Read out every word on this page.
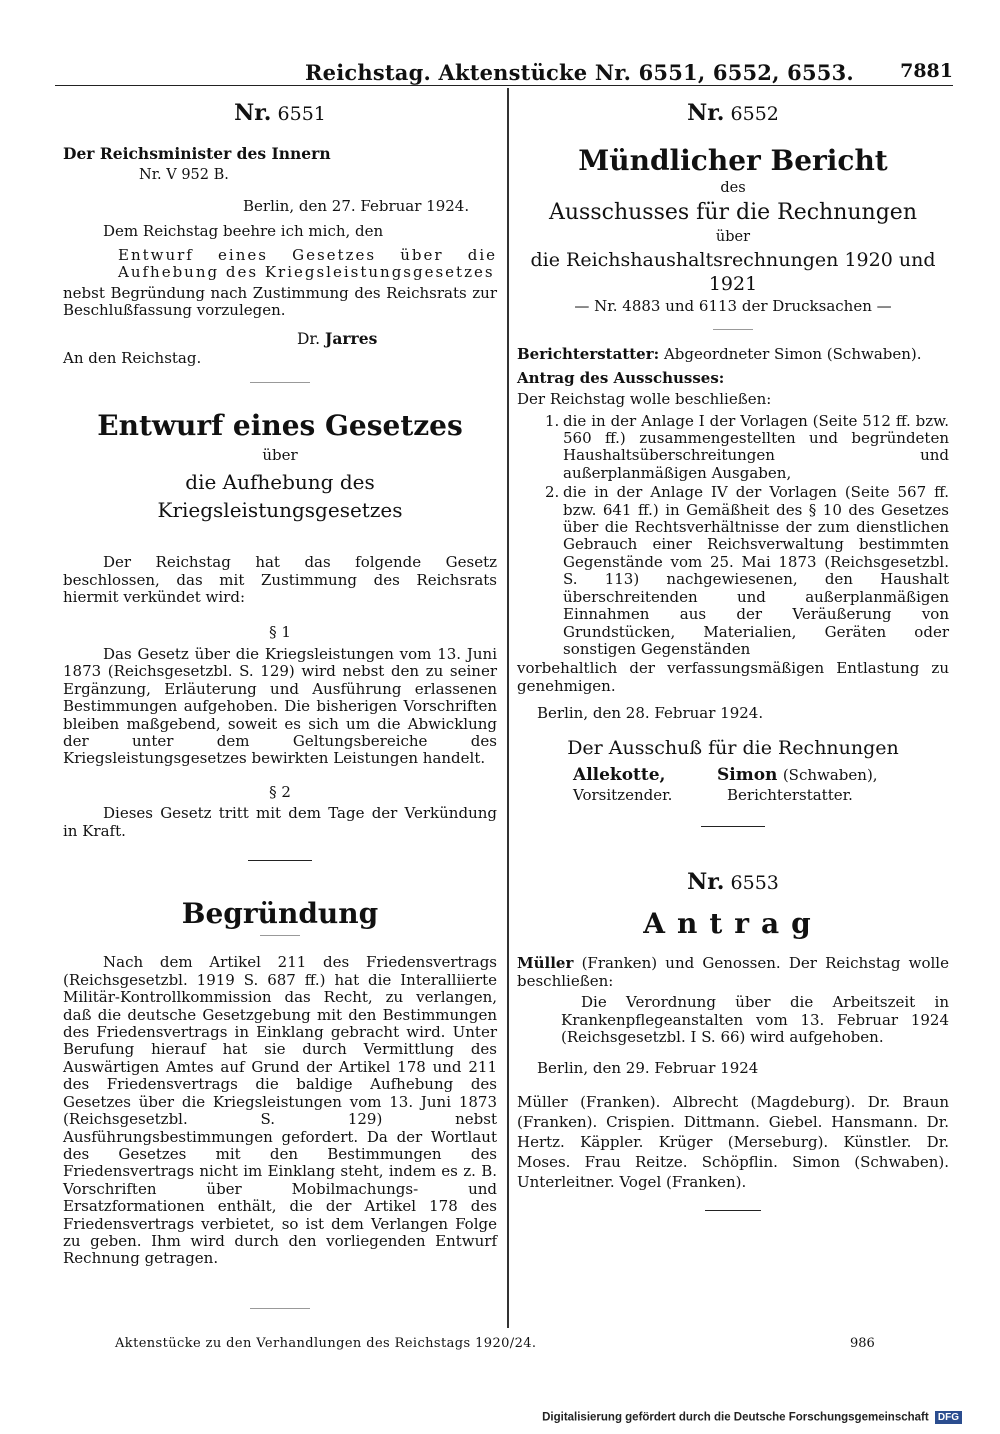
Reichstag. Aktenstücke Nr. 6551, 6552, 6553. 7881
Nr. 6551
Der Reichsminister des Innern
Nr. V 952 B.
Berlin, den 27. Februar 1924.
Dem Reichstag beehre ich mich, den
Entwurf eines Gesetzes über die Aufhebung des Kriegsleistungsgesetzes
nebst Begründung nach Zustimmung des Reichsrats zur Beschlußfassung vorzulegen.
Dr. Jarres
An den Reichstag.
Entwurf eines Gesetzes
über
die Aufhebung des Kriegsleistungsgesetzes
Der Reichstag hat das folgende Gesetz beschlossen, das mit Zustimmung des Reichsrats hiermit verkündet wird:
§ 1
Das Gesetz über die Kriegsleistungen vom 13. Juni 1873 (Reichsgesetzbl. S. 129) wird nebst den zu seiner Ergänzung, Erläuterung und Ausführung erlassenen Bestimmungen aufgehoben. Die bisherigen Vorschriften bleiben maßgebend, soweit es sich um die Abwicklung der unter dem Geltungsbereiche des Kriegsleistungsgesetzes bewirkten Leistungen handelt.
§ 2
Dieses Gesetz tritt mit dem Tage der Verkündung in Kraft.
Begründung
Nach dem Artikel 211 des Friedensvertrags (Reichsgesetzbl. 1919 S. 687 ff.) hat die Interalliierte Militär-Kontrollkommission das Recht, zu verlangen, daß die deutsche Gesetzgebung mit den Bestimmungen des Friedensvertrags in Einklang gebracht wird. Unter Berufung hierauf hat sie durch Vermittlung des Auswärtigen Amtes auf Grund der Artikel 178 und 211 des Friedensvertrags die baldige Aufhebung des Gesetzes über die Kriegsleistungen vom 13. Juni 1873 (Reichsgesetzbl. S. 129) nebst Ausführungsbestimmungen gefordert. Da der Wortlaut des Gesetzes mit den Bestimmungen des Friedensvertrags nicht im Einklang steht, indem es z. B. Vorschriften über Mobilmachungs- und Ersatzformationen enthält, die der Artikel 178 des Friedensvertrags verbietet, so ist dem Verlangen Folge zu geben. Ihm wird durch den vorliegenden Entwurf Rechnung getragen.
Nr. 6552
Mündlicher Bericht
des
Ausschusses für die Rechnungen
über
die Reichshaushaltsrechnungen 1920 und 1921
— Nr. 4883 und 6113 der Drucksachen —
Berichterstatter: Abgeordneter Simon (Schwaben).
Antrag des Ausschusses:
Der Reichstag wolle beschließen:
1. die in der Anlage I der Vorlagen (Seite 512 ff. bzw. 560 ff.) zusammengestellten und begründeten Haushaltsüberschreitungen und außerplanmäßigen Ausgaben,
2. die in der Anlage IV der Vorlagen (Seite 567 ff. bzw. 641 ff.) in Gemäßheit des § 10 des Gesetzes über die Rechtsverhältnisse der zum dienstlichen Gebrauch einer Reichsverwaltung bestimmten Gegenstände vom 25. Mai 1873 (Reichsgesetzbl. S. 113) nachgewiesenen, den Haushalt überschreitenden und außerplanmäßigen Einnahmen aus der Veräußerung von Grundstücken, Materialien, Geräten oder sonstigen Gegenständen
vorbehaltlich der verfassungsmäßigen Entlastung zu genehmigen.
Berlin, den 28. Februar 1924.
Der Ausschuß für die Rechnungen
Allekotte,
Vorsitzender.
Simon (Schwaben),
Berichterstatter.
Nr. 6553
Antrag
Müller (Franken) und Genossen. Der Reichstag wolle beschließen:
Die Verordnung über die Arbeitszeit in Krankenpflegeanstalten vom 13. Februar 1924 (Reichsgesetzbl. I S. 66) wird aufgehoben.
Berlin, den 29. Februar 1924
Müller (Franken). Albrecht (Magdeburg). Dr. Braun (Franken). Crispien. Dittmann. Giebel. Hansmann. Dr. Hertz. Käppler. Krüger (Merseburg). Künstler. Dr. Moses. Frau Reitze. Schöpflin. Simon (Schwaben). Unterleitner. Vogel (Franken).
Aktenstücke zu den Verhandlungen des Reichstags 1920/24.	986
Digitalisierung gefördert durch die Deutsche Forschungsgemeinschaft DFG
